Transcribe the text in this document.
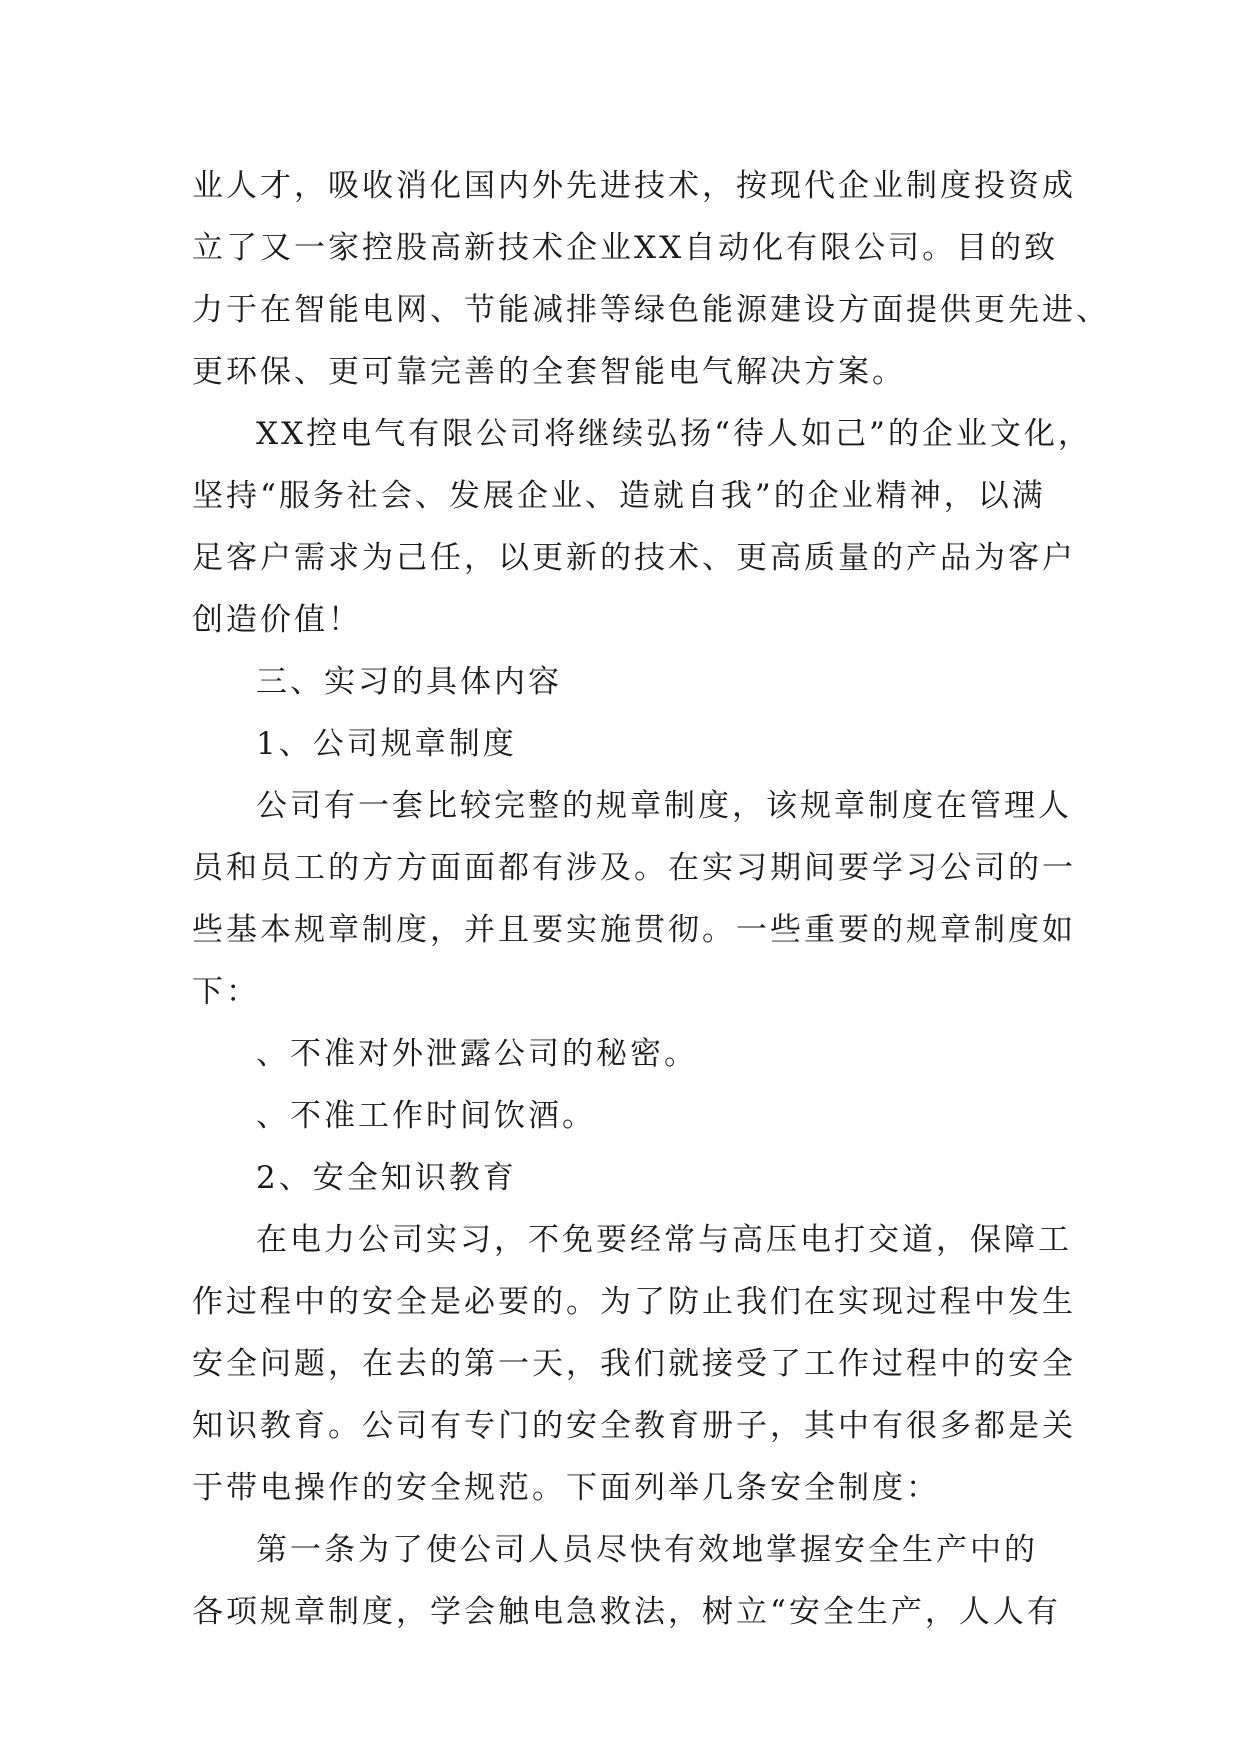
业人才，吸收消化国内外先进技术，按现代企业制度投资成
立了又一家控股高新技术企业XX自动化有限公司。目的致
力于在智能电网、节能减排等绿色能源建设方面提供更先进、
更环保、更可靠完善的全套智能电气解决方案。
XX控电气有限公司将继续弘扬“待人如己”的企业文化，
坚持“服务社会、发展企业、造就自我”的企业精神，以满
足客户需求为己任，以更新的技术、更高质量的产品为客户
创造价值！
三、实习的具体内容
1、公司规章制度
公司有一套比较完整的规章制度，该规章制度在管理人
员和员工的方方面面都有涉及。在实习期间要学习公司的一
些基本规章制度，并且要实施贯彻。一些重要的规章制度如
下：
、不准对外泄露公司的秘密。
、不准工作时间饮酒。
2、安全知识教育
在电力公司实习，不免要经常与高压电打交道，保障工
作过程中的安全是必要的。为了防止我们在实现过程中发生
安全问题，在去的第一天，我们就接受了工作过程中的安全
知识教育。公司有专门的安全教育册子，其中有很多都是关
于带电操作的安全规范。下面列举几条安全制度：
第一条为了使公司人员尽快有效地掌握安全生产中的
各项规章制度，学会触电急救法，树立“安全生产，人人有
